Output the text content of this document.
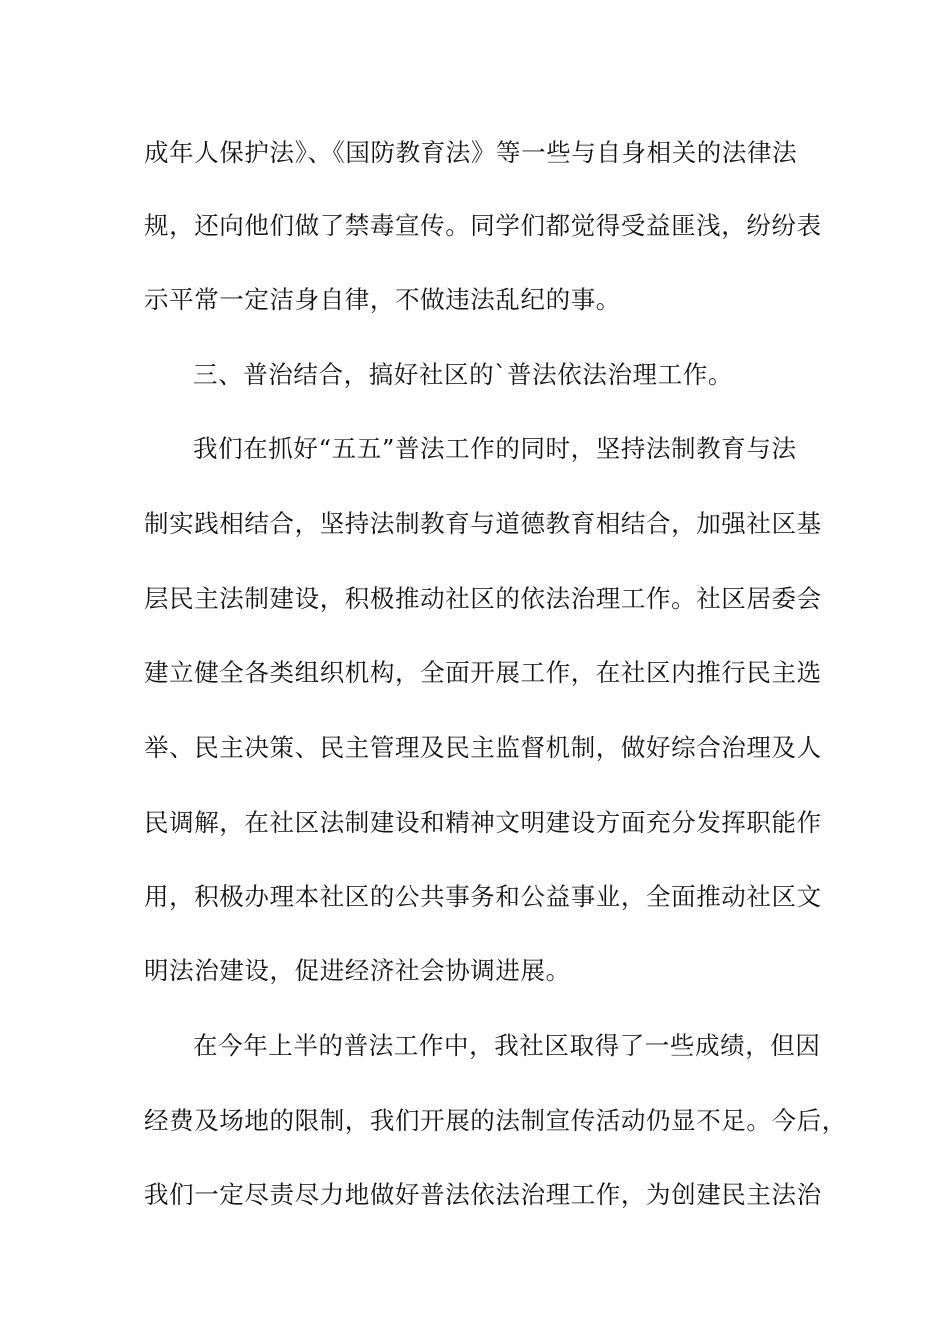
成年人保护法》、《国防教育法》等一些与自身相关的法律法
规，还向他们做了禁毒宣传。同学们都觉得受益匪浅，纷纷表
示平常一定洁身自律，不做违法乱纪的事。
三、普治结合，搞好社区的`普法依法治理工作。
我们在抓好“五五”普法工作的同时，坚持法制教育与法
制实践相结合，坚持法制教育与道德教育相结合，加强社区基
层民主法制建设，积极推动社区的依法治理工作。社区居委会
建立健全各类组织机构，全面开展工作，在社区内推行民主选
举、民主决策、民主管理及民主监督机制，做好综合治理及人
民调解，在社区法制建设和精神文明建设方面充分发挥职能作
用，积极办理本社区的公共事务和公益事业，全面推动社区文
明法治建设，促进经济社会协调进展。
在今年上半的普法工作中，我社区取得了一些成绩，但因
经费及场地的限制，我们开展的法制宣传活动仍显不足。今后，
我们一定尽责尽力地做好普法依法治理工作，为创建民主法治
